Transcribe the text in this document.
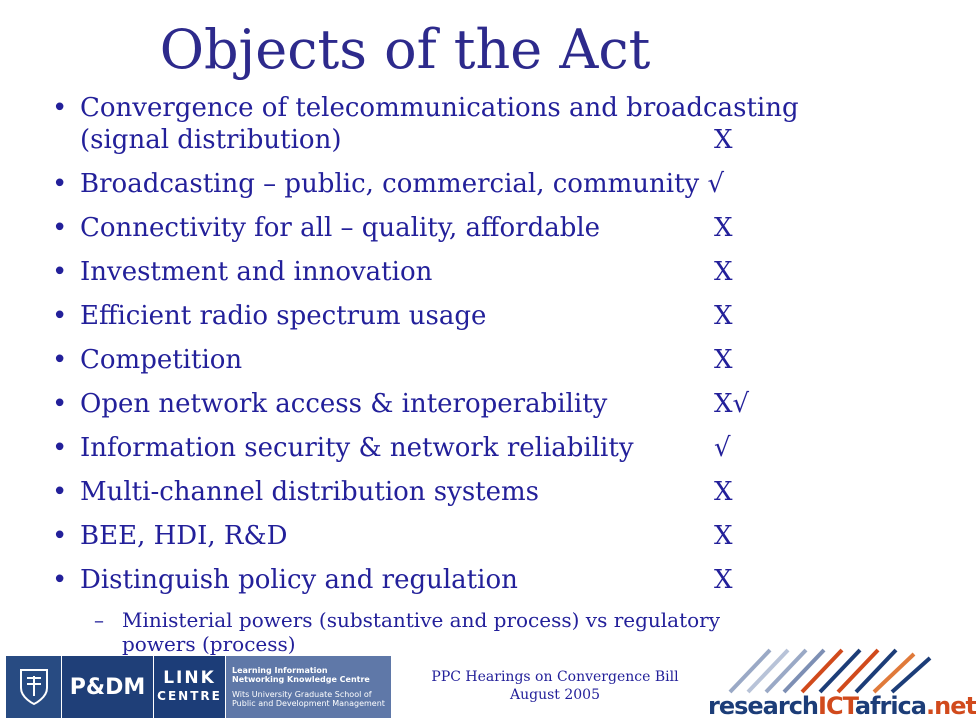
Objects of the Act
• Convergence of telecommunications and broadcasting
(signal distribution)	X
• Broadcasting – public, commercial, community √
• Connectivity for all – quality, affordable	X
• Investment and innovation	X
• Efficient radio spectrum usage	X
• Competition	X
• Open network access & interoperability	X√
• Information security & network reliability	√
• Multi-channel distribution systems	X
• BEE, HDI, R&D	X
• Distinguish policy and regulation	X
– Ministerial powers (substantive and process) vs regulatory
powers (process)
P&DM	LINK
CENTRE
Learning Information
Networking Knowledge Centre
Wits University Graduate School of
Public and Development Management
PPC Hearings on Convergence Bill
August 2005	researchICTafrica.net
